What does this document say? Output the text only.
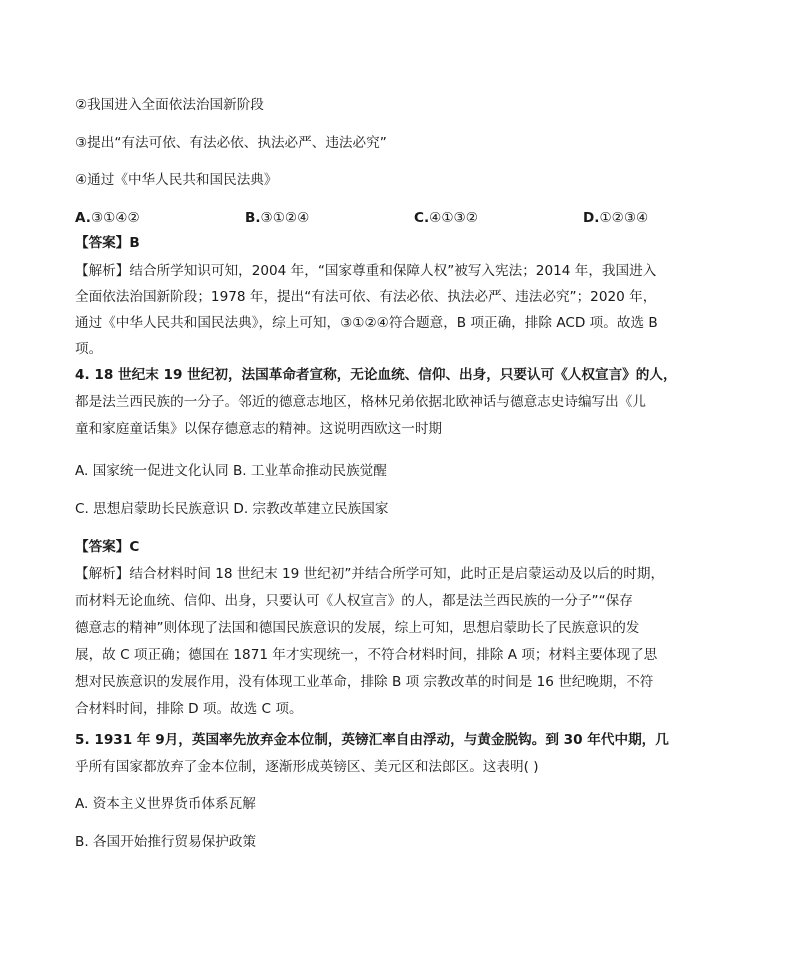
②我国进入全面依法治国新阶段
③提出“有法可依、有法必依、执法必严、违法必究”
④通过《中华人民共和国民法典》
A.③①④②	B.③①②④	C.④①③②	D.①②③④
【答案】B
【解析】结合所学知识可知，2004 年，“国家尊重和保障人权”被写入宪法；2014 年，我国进入
全面依法治国新阶段；1978 年，提出“有法可依、有法必依、执法必严、违法必究”；2020 年，
通过《中华人民共和国民法典》，综上可知，③①②④符合题意，B 项正确，排除 ACD 项。故选 B
项。
4. 18 世纪末 19 世纪初，法国革命者宣称，无论血统、信仰、出身，只要认可《人权宣言》的人，
都是法兰西民族的一分子。邻近的德意志地区，格林兄弟依据北欧神话与德意志史诗编写出《儿
童和家庭童话集》以保存德意志的精神。这说明西欧这一时期
A. 国家统一促进文化认同 B. 工业革命推动民族觉醒
C. 思想启蒙助长民族意识 D. 宗教改革建立民族国家
【答案】C
【解析】结合材料时间 18 世纪末 19 世纪初”并结合所学可知，此时正是启蒙运动及以后的时期，
而材料无论血统、信仰、出身，只要认可《人权宣言》的人，都是法兰西民族的一分子”“保存
德意志的精神”则体现了法国和德国民族意识的发展，综上可知，思想启蒙助长了民族意识的发
展，故 C 项正确；德国在 1871 年才实现统一，不符合材料时间，排除 A 项；材料主要体现了思
想对民族意识的发展作用，没有体现工业革命，排除 B 项 宗教改革的时间是 16 世纪晚期，不符
合材料时间，排除 D 项。故选 C 项。
5. 1931 年 9月，英国率先放弃金本位制，英镑汇率自由浮动，与黄金脱钩。到 30 年代中期，几
乎所有国家都放弃了金本位制，逐渐形成英镑区、美元区和法郎区。这表明( )
A. 资本主义世界货币体系瓦解
B. 各国开始推行贸易保护政策
